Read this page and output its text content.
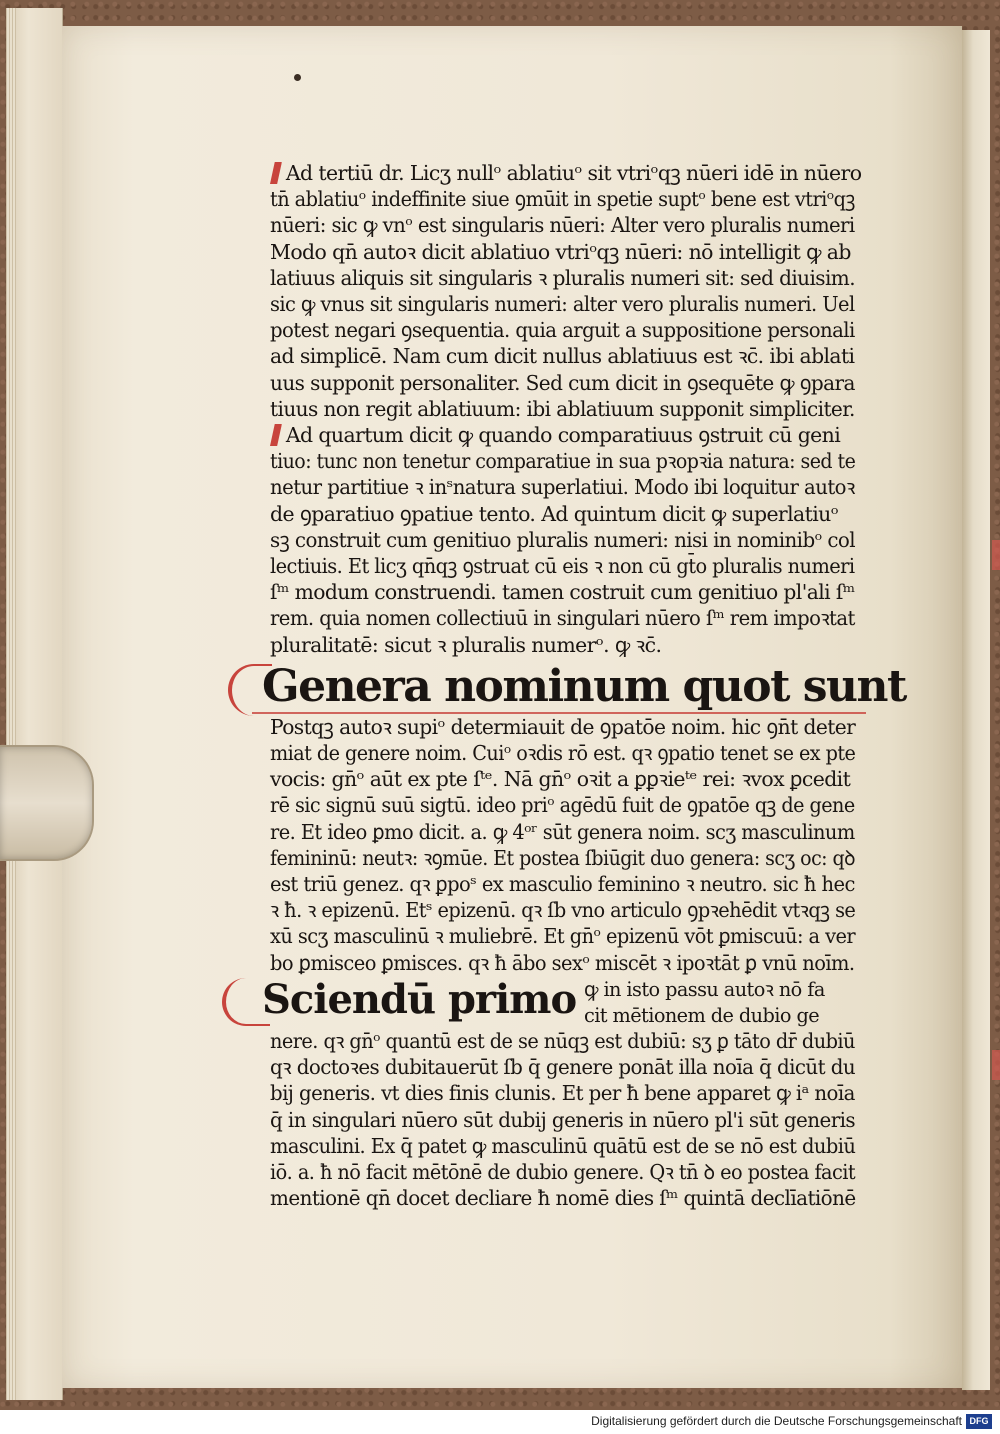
Ad tertiū dr. Licʒ nullᵒ ablatiuᵒ sit vtriᵒqꝫ nūeri idē in nūero
tn̄ ablatiuᵒ indeffinite siue ꝯmūit in spetie suptᵒ bene est vtriᵒqꝫ
nūeri: sic ꝙ vnᵒ est singularis nūeri: Alter vero pluralis numeri
Modo qn̄ autoꝛ dicit ablatiuo vtriᵒqꝫ nūeri: nō intelligit ꝙ ab
latiuus aliquis sit singularis ꝛ pluralis numeri sit: sed diuisim.
sic ꝙ vnus sit singularis numeri: alter vero pluralis numeri. Uel
potest negari ꝯsequentia. quia arguit a suppositione personali
ad simplicē. Nam cum dicit nullus ablatiuus est ꝛc̄. ibi ablati
uus supponit personaliter. Sed cum dicit in ꝯsequēte ꝙ ꝯpara
tiuus non regit ablatiuum: ibi ablatiuum supponit simpliciter.
Ad quartum dicit ꝙ quando comparatiuus ꝯstruit cū geni
tiuo: tunc non tenetur comparatiue in sua pꝛopꝛia natura: sed te
netur partitiue ꝛ inˢnatura superlatiui. Modo ibi loquitur autoꝛ
de ꝯparatiuo ꝯpatiue tento. Ad quintum dicit ꝙ superlatiuᵒ
sꝫ construit cum genitiuo pluralis numeri: nisi in nominibᵒ col
lectiuis. Et licʒ qn̄qꝫ ꝯstruat cū eis ꝛ non cū gt̄o pluralis numeri
ſᵐ modum construendi. tamen costruit cum genitiuo pl'ali ſᵐ
rem. quia nomen collectiuū in singulari nūero ſᵐ rem impoꝛtat
pluralitatē: sicut ꝛ pluralis numerᵒ. ꝙ ꝛc̄.
Genera nominum quot sunt
Postqꝫ autoꝛ supiᵒ determiauit de ꝯpatōe noim. hic ꝯn̄t deter
miat de genere noim. Cuiᵒ oꝛdis rō est. qꝛ ꝯpatio tenet se ex pte
vocis: gn̄ᵒ aūt ex pte ſᵗᵉ. Nā gn̄ᵒ oꝛit a ꝑꝑꝛieᵗᵉ rei: ꝛvox ꝑcedit
rē sic signū suū sigtū. ideo priᵒ agēdū fuit de ꝯpatōe qꝫ de gene
re. Et ideo ꝑmo dicit. a. ꝙ 4ᵒʳ sūt genera noim. scʒ masculinum
femininū: neutꝛ: ꝛꝯmūe. Et postea ſbiūgit duo genera: scʒ oc: qꝺ
est triū genez. qꝛ ꝑpoˢ ex masculio feminino ꝛ neutro. sic ħ hec
ꝛ ħ. ꝛ epizenū. Etˢ epizenū. qꝛ ſb vno articulo ꝯpꝛehēdit vtꝛqꝫ se
xū scʒ masculinū ꝛ muliebrē. Et gn̄ᵒ epizenū vōt ꝑmiscuū: a ver
bo ꝑmisceo ꝑmisces. qꝛ ħ ābo sexᵒ miscēt ꝛ ipoꝛtāt ꝑ vnū noīm.
Sciendū primo ꝙ in isto passu autoꝛ nō fa
cit mētionem de dubio ge
nere. qꝛ gn̄ᵒ quantū est de se nūqꝫ est dubiū: sʒ ꝑ tāto dr̄ dubiū
qꝛ doctoꝛes dubitauerūt ſb q̄ genere ponāt illa noīa q̄ dicūt du
bij generis. vt dies finis clunis. Et per ħ bene apparet ꝙ iᵃ noīa
q̄ in singulari nūero sūt dubij generis in nūero pl'i sūt generis
masculini. Ex q̄ patet ꝙ masculinū quātū est de se nō est dubiū
iō. a. ħ nō facit mētōnē de dubio genere. Qꝛ tn̄ ꝺ eo postea facit
mentionē qn̄ docet decliare ħ nomē dies ſᵐ quintā declīatiōnē
Digitalisierung gefördert durch die Deutsche Forschungsgemeinschaft DFG
